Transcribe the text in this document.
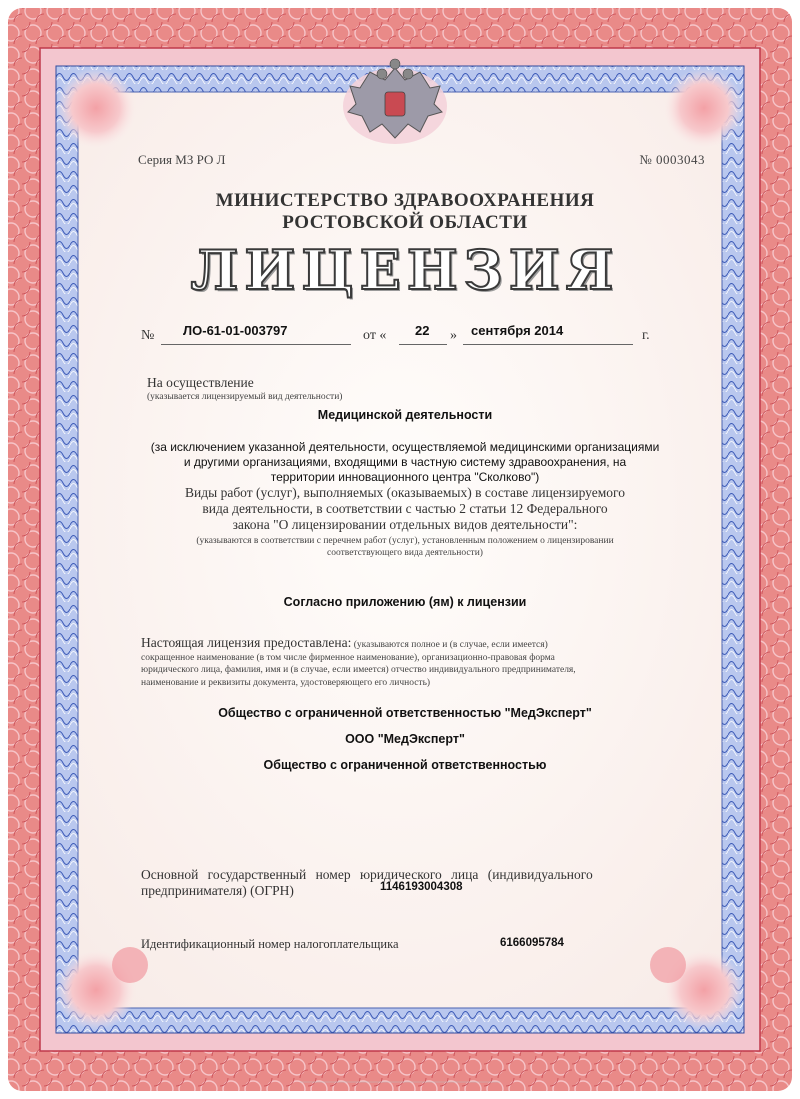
Серия МЗ РО Л	№ 0003043
МИНИСТЕРСТВО ЗДРАВООХРАНЕНИЯ
РОСТОВСКОЙ ОБЛАСТИ
ЛИЦЕНЗИЯ
№ ЛО-61-01-003797	от « 22 » сентября 2014	г.
На осуществление
(указывается лицензируемый вид деятельности)
Медицинской деятельности
(за исключением указанной деятельности, осуществляемой медицинскими организациями
и другими организациями, входящими в частную систему здравоохранения, на
территории инновационного центра "Сколково")
Виды работ (услуг), выполняемых (оказываемых) в составе лицензируемого
вида деятельности, в соответствии с частью 2 статьи 12 Федерального
закона "О лицензировании отдельных видов деятельности":
(указываются в соответствии с перечнем работ (услуг), установленным положением о лицензировании
соответствующего вида деятельности)
Согласно приложению (ям) к лицензии
Настоящая лицензия предоставлена: (указываются полное и (в случае, если имеется)
сокращенное наименование (в том числе фирменное наименование), организационно-правовая форма
юридического лица, фамилия, имя и (в случае, если имеется) отчество индивидуального предпринимателя,
наименование и реквизиты документа, удостоверяющего его личность)
Общество с ограниченной ответственностью "МедЭксперт"
ООО "МедЭксперт"
Общество с ограниченной ответственностью
Основной государственный номер юридического лица (индивидуального
предпринимателя) (ОГРН)	1146193004308
Идентификационный номер налогоплательщика	6166095784
